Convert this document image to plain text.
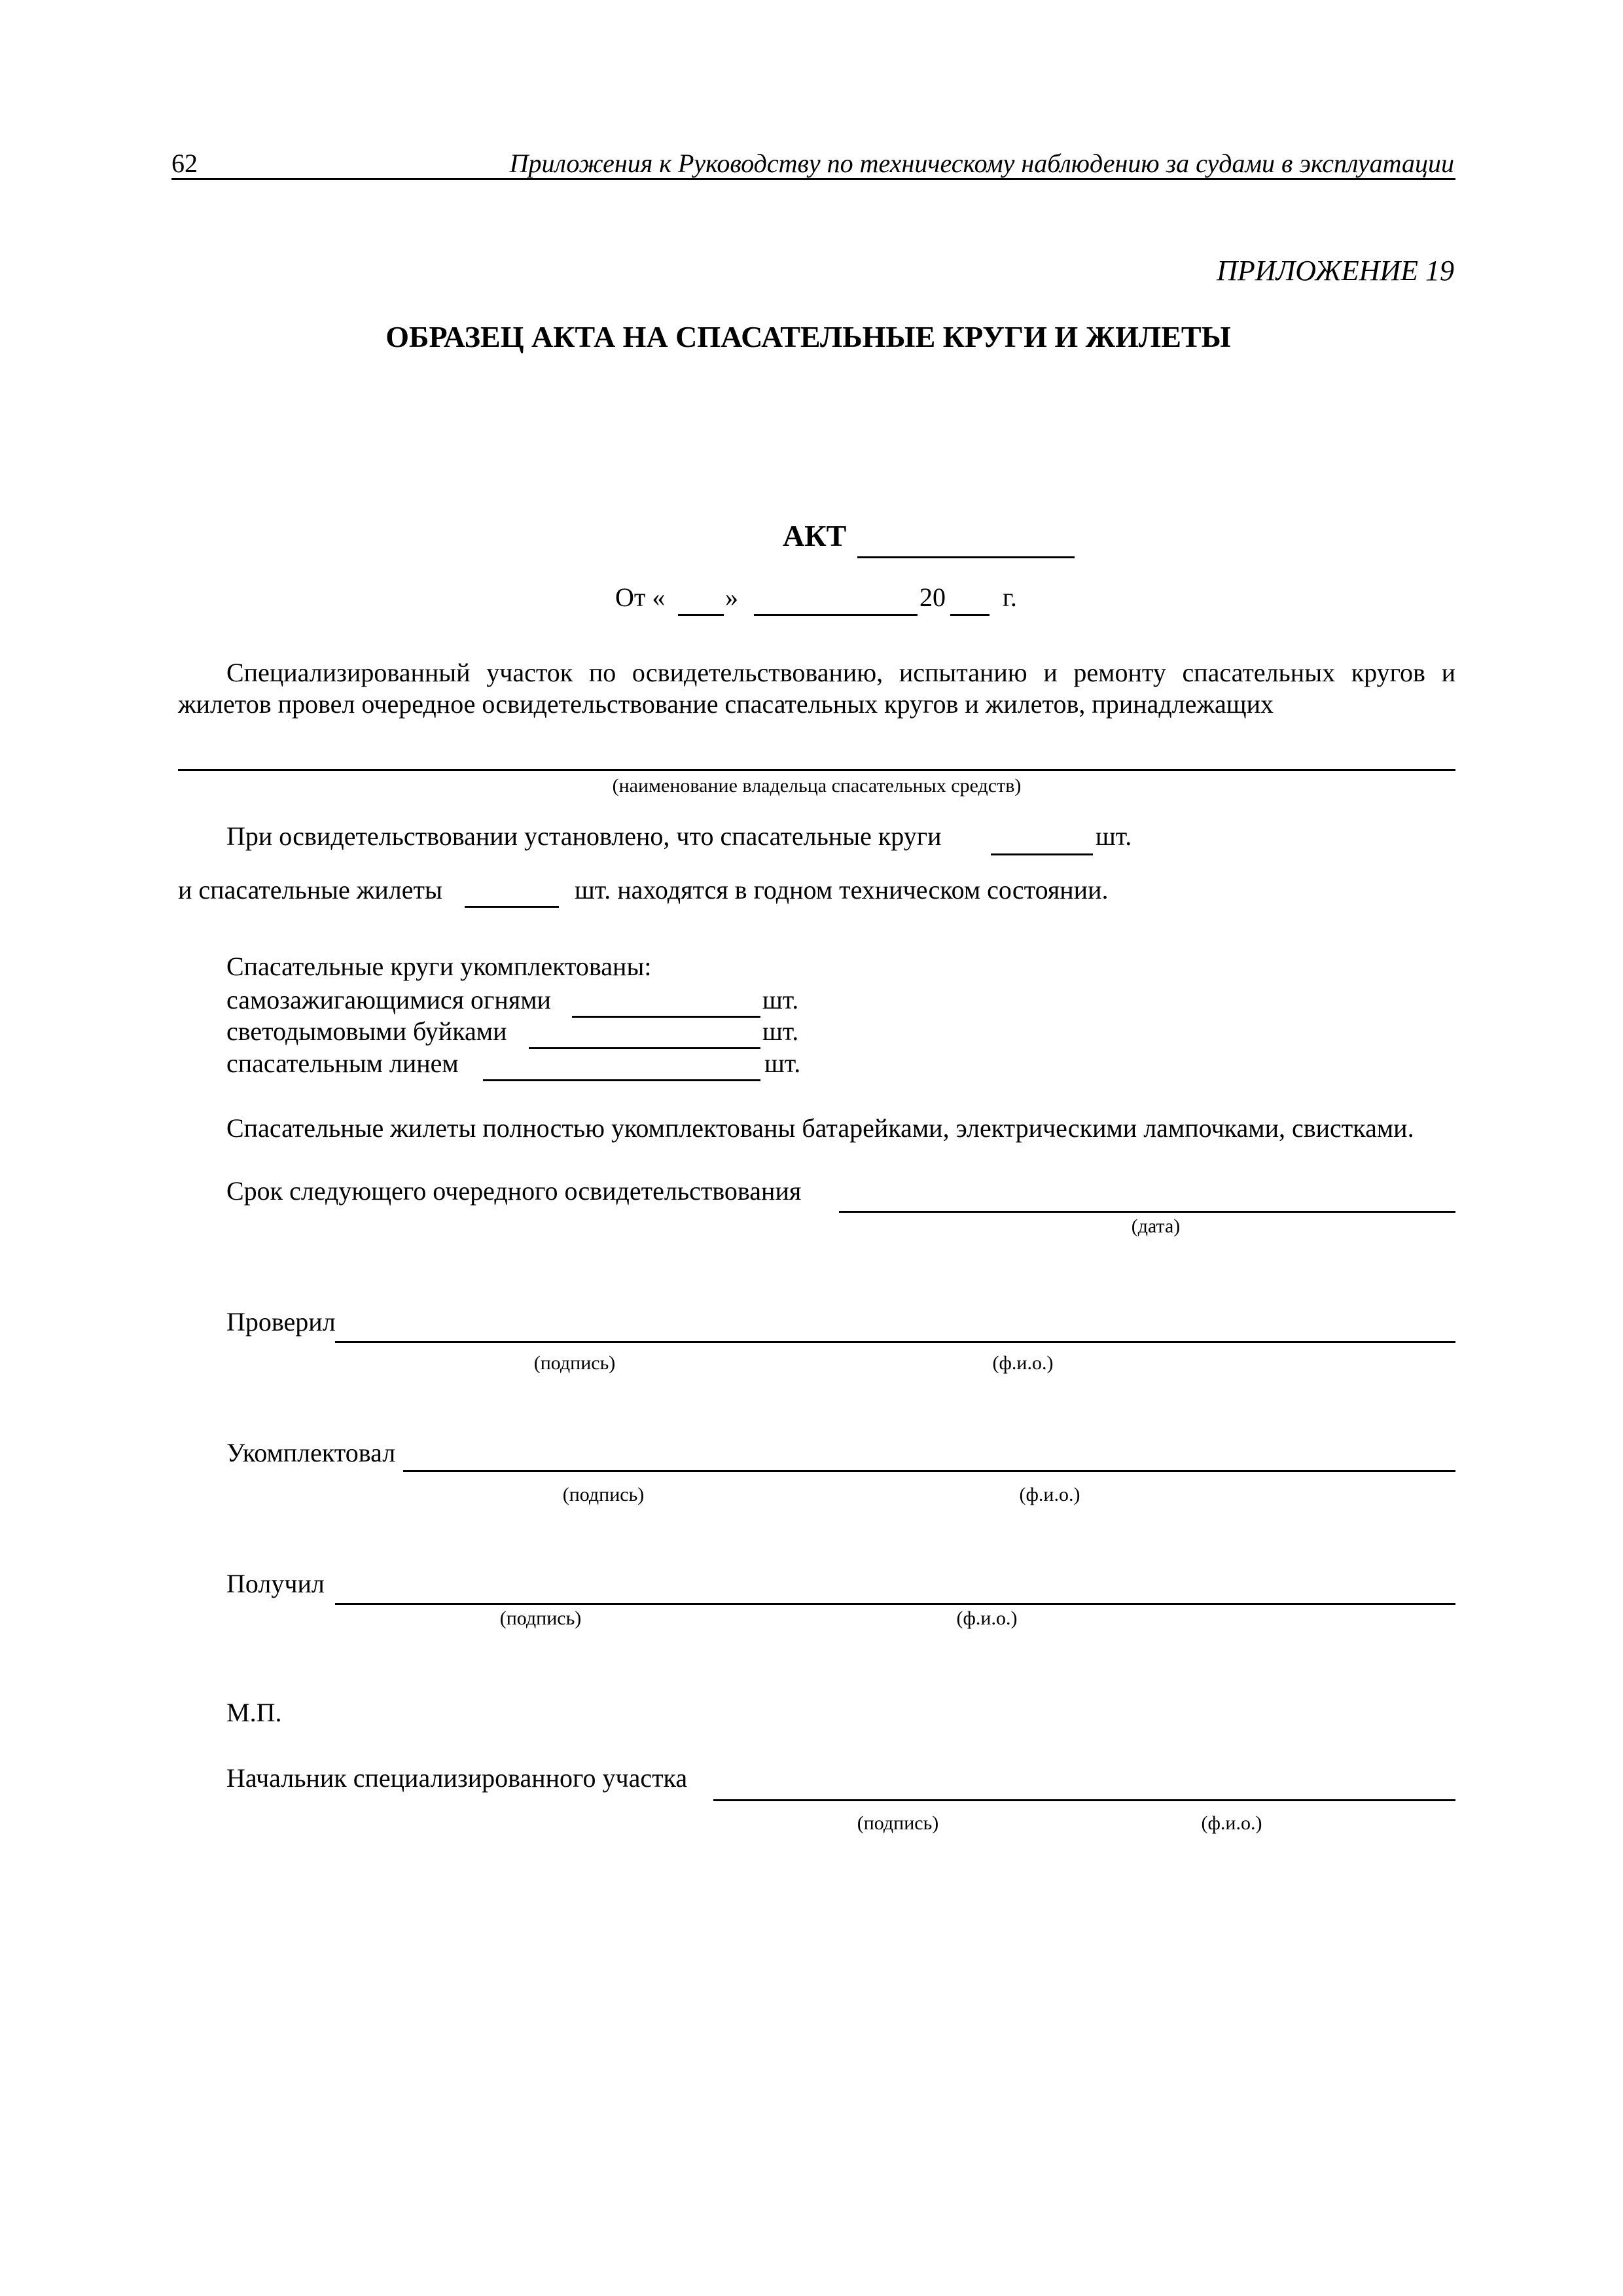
62	Приложения к Руководству по техническому наблюдению за судами в эксплуатации
ПРИЛОЖЕНИЕ 19
ОБРАЗЕЦ АКТА НА СПАСАТЕЛЬНЫЕ КРУГИ И ЖИЛЕТЫ
АКТ
От « »	20 г.
Специализированный участок по освидетельствованию, испытанию и ремонту спасательных кругов и жилетов провел очередное освидетельствование спасательных кругов и жилетов, принадлежащих
(наименование владельца спасательных средств)
При освидетельствовании установлено, что спасательные круги	шт.
и спасательные жилеты	шт. находятся в годном техническом состоянии.
Спасательные круги укомплектованы:
самозажигающимися огнями	шт.
светодымовыми буйками	шт.
спасательным линем	шт.
Спасательные жилеты полностью укомплектованы батарейками, электрическими лампочками, свистками.
Срок следующего очередного освидетельствования
(дата)
Проверил
(подпись)	(ф.и.о.)
Укомплектовал
(подпись)	(ф.и.о.)
Получил
(подпись)	(ф.и.о.)
М.П.
Начальник специализированного участка
(подпись)	(ф.и.о.)
